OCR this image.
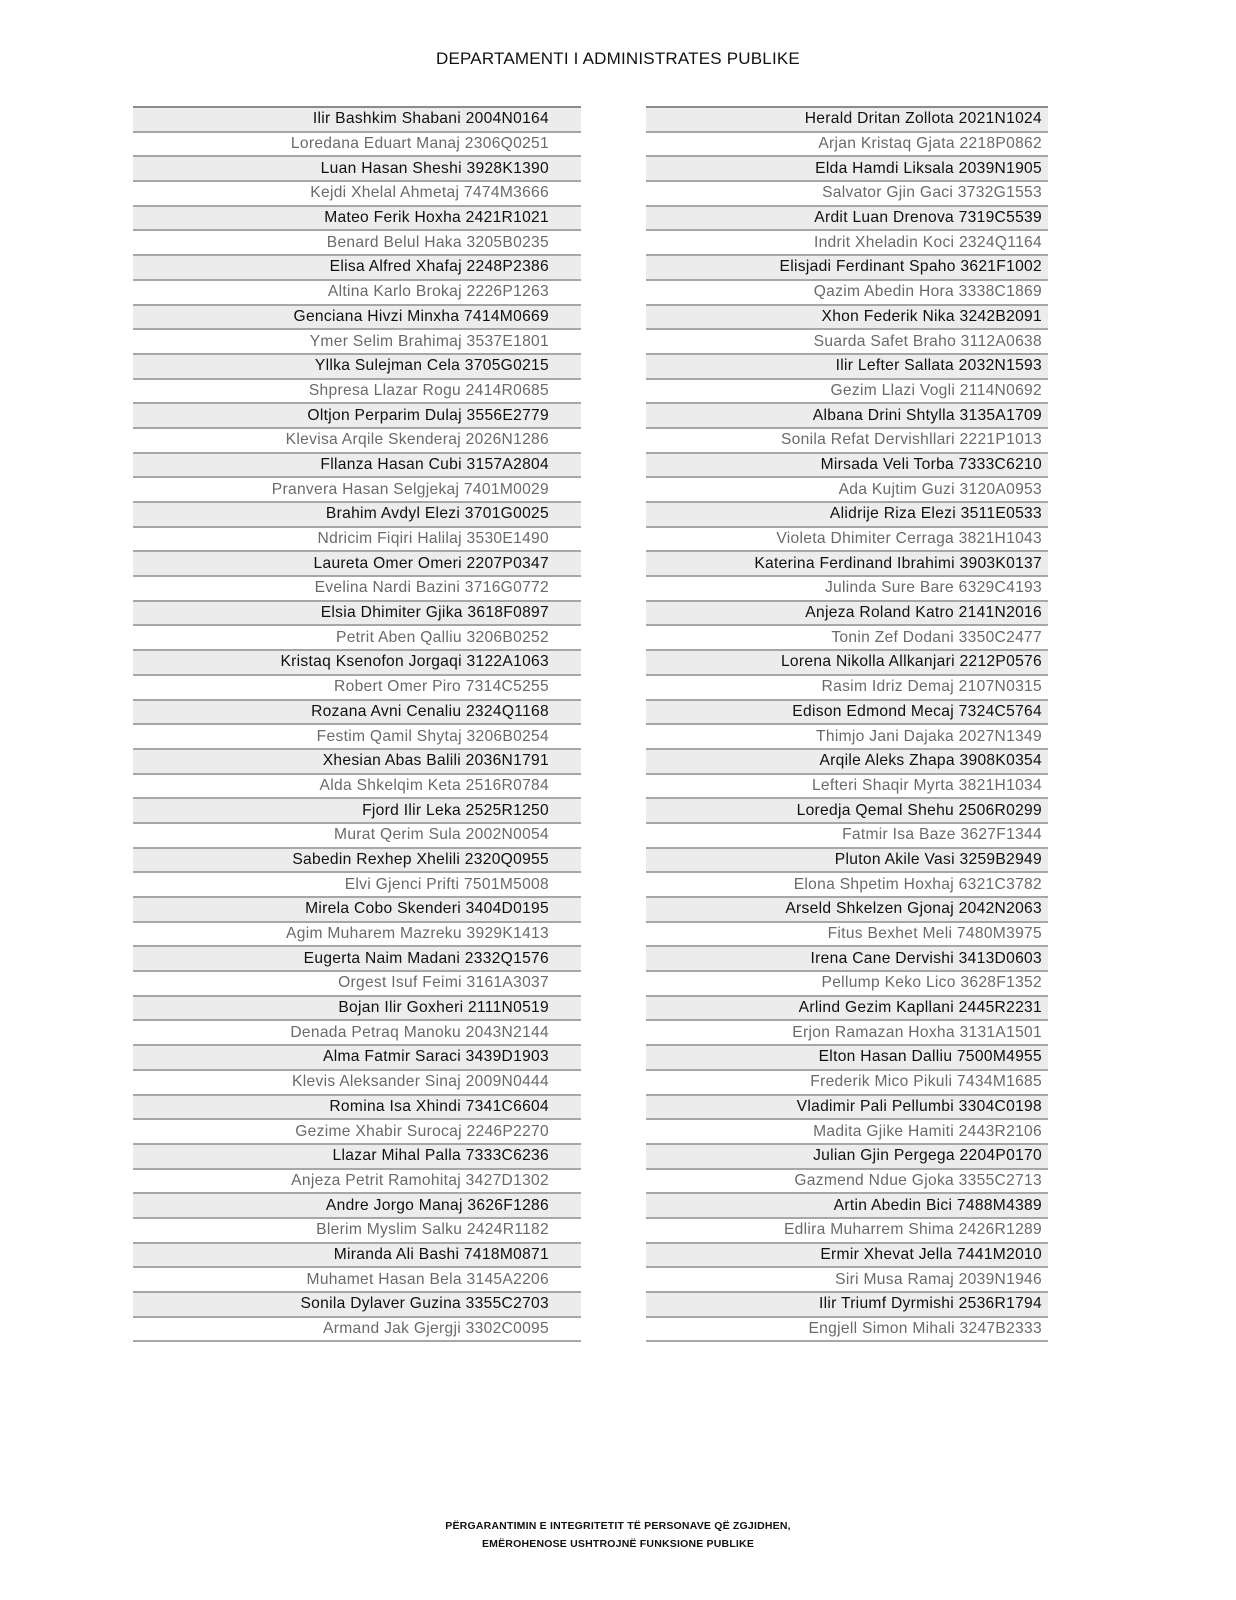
DEPARTAMENTI I ADMINISTRATES PUBLIKE
Ilir Bashkim Shabani 2004N0164
Loredana Eduart Manaj 2306Q0251
Luan Hasan Sheshi 3928K1390
Kejdi Xhelal Ahmetaj 7474M3666
Mateo Ferik Hoxha 2421R1021
Benard Belul Haka 3205B0235
Elisa Alfred Xhafaj 2248P2386
Altina Karlo Brokaj 2226P1263
Genciana Hivzi Minxha 7414M0669
Ymer Selim Brahimaj 3537E1801
Yllka Sulejman Cela 3705G0215
Shpresa Llazar Rogu 2414R0685
Oltjon Perparim Dulaj 3556E2779
Klevisa Arqile Skenderaj 2026N1286
Fllanza Hasan Cubi 3157A2804
Pranvera Hasan Selgjekaj 7401M0029
Brahim Avdyl Elezi 3701G0025
Ndricim Fiqiri Halilaj 3530E1490
Laureta Omer Omeri 2207P0347
Evelina Nardi Bazini 3716G0772
Elsia Dhimiter Gjika 3618F0897
Petrit Aben Qalliu 3206B0252
Kristaq Ksenofon Jorgaqi 3122A1063
Robert Omer Piro 7314C5255
Rozana Avni Cenaliu 2324Q1168
Festim Qamil Shytaj 3206B0254
Xhesian Abas Balili 2036N1791
Alda Shkelqim Keta 2516R0784
Fjord Ilir Leka 2525R1250
Murat Qerim Sula 2002N0054
Sabedin Rexhep Xhelili 2320Q0955
Elvi Gjenci Prifti 7501M5008
Mirela Cobo Skenderi 3404D0195
Agim Muharem Mazreku 3929K1413
Eugerta Naim Madani 2332Q1576
Orgest Isuf Feimi 3161A3037
Bojan Ilir Goxheri 2111N0519
Denada Petraq Manoku 2043N2144
Alma Fatmir Saraci 3439D1903
Klevis Aleksander Sinaj 2009N0444
Romina Isa Xhindi 7341C6604
Gezime Xhabir Surocaj 2246P2270
Llazar Mihal Palla 7333C6236
Anjeza Petrit Ramohitaj 3427D1302
Andre Jorgo Manaj 3626F1286
Blerim Myslim Salku 2424R1182
Miranda Ali Bashi 7418M0871
Muhamet Hasan Bela 3145A2206
Sonila Dylaver Guzina 3355C2703
Armand Jak Gjergji 3302C0095
Herald Dritan Zollota 2021N1024
Arjan Kristaq Gjata 2218P0862
Elda Hamdi Liksala 2039N1905
Salvator Gjin Gaci 3732G1553
Ardit Luan Drenova 7319C5539
Indrit Xheladin Koci 2324Q1164
Elisjadi Ferdinant Spaho 3621F1002
Qazim Abedin Hora 3338C1869
Xhon Federik Nika 3242B2091
Suarda Safet Braho 3112A0638
Ilir Lefter Sallata 2032N1593
Gezim Llazi Vogli 2114N0692
Albana Drini Shtylla 3135A1709
Sonila Refat Dervishllari 2221P1013
Mirsada Veli Torba 7333C6210
Ada Kujtim Guzi 3120A0953
Alidrije Riza Elezi 3511E0533
Violeta Dhimiter Cerraga 3821H1043
Katerina Ferdinand Ibrahimi 3903K0137
Julinda Sure Bare 6329C4193
Anjeza Roland Katro 2141N2016
Tonin Zef Dodani 3350C2477
Lorena Nikolla Allkanjari 2212P0576
Rasim Idriz Demaj 2107N0315
Edison Edmond Mecaj 7324C5764
Thimjo Jani Dajaka 2027N1349
Arqile Aleks Zhapa 3908K0354
Lefteri Shaqir Myrta 3821H1034
Loredja Qemal Shehu 2506R0299
Fatmir Isa Baze 3627F1344
Pluton Akile Vasi 3259B2949
Elona Shpetim Hoxhaj 6321C3782
Arseld Shkelzen Gjonaj 2042N2063
Fitus Bexhet Meli 7480M3975
Irena Cane Dervishi 3413D0603
Pellump Keko Lico 3628F1352
Arlind Gezim Kapllani 2445R2231
Erjon Ramazan Hoxha 3131A1501
Elton Hasan Dalliu 7500M4955
Frederik Mico Pikuli 7434M1685
Vladimir Pali Pellumbi 3304C0198
Madita Gjike Hamiti 2443R2106
Julian Gjin Pergega 2204P0170
Gazmend Ndue Gjoka 3355C2713
Artin Abedin Bici 7488M4389
Edlira Muharrem Shima 2426R1289
Ermir Xhevat Jella 7441M2010
Siri Musa Ramaj 2039N1946
Ilir Triumf Dyrmishi 2536R1794
Engjell Simon Mihali 3247B2333
PËRGARANTIMIN E INTEGRITETIT TË PERSONAVE QË ZGJIDHEN,
EMËROHENOSE USHTROJNË FUNKSIONE PUBLIKE
